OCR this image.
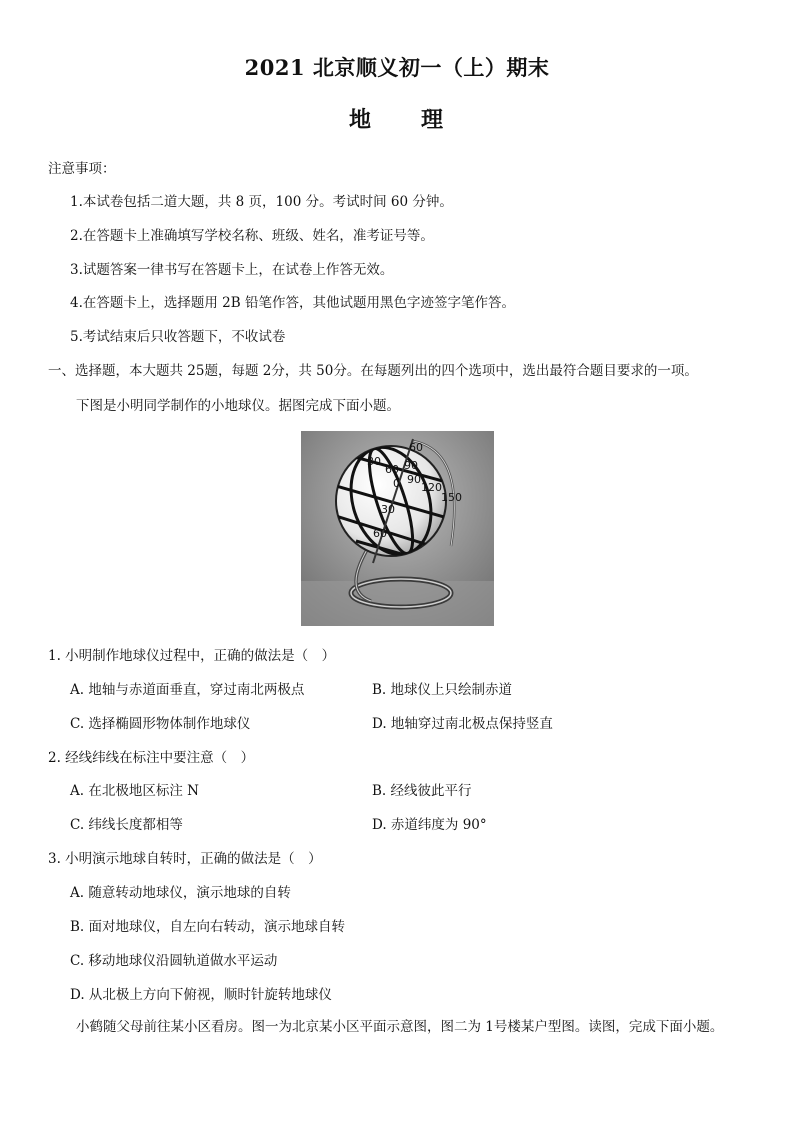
2021 北京顺义初一（上）期末
地　　理
注意事项：
1.本试卷包括二道大题，共 8 页，100 分。考试时间 60 分钟。
2.在答题卡上准确填写学校名称、班级、姓名，准考证号等。
3.试题答案一律书写在答题卡上，在试卷上作答无效。
4.在答题卡上，选择题用 2B 铅笔作答，其他试题用黑色字迹签字笔作答。
5.考试结束后只收答题下，不收试卷
一、选择题，本大题共 25题，每题 2分，共 50分。在每题列出的四个选项中，选出最符合题目要求的一项。
下图是小明同学制作的小地球仪。据图完成下面小题。
60
30
60
0
90
90
120
150
30
60
1. 小明制作地球仪过程中，正确的做法是（　）
A. 地轴与赤道面垂直，穿过南北两极点	B. 地球仪上只绘制赤道
C. 选择椭圆形物体制作地球仪	D. 地轴穿过南北极点保持竖直
2. 经线纬线在标注中要注意（　）
A. 在北极地区标注 N	B. 经线彼此平行
C. 纬线长度都相等	D. 赤道纬度为 90°
3. 小明演示地球自转时，正确的做法是（　）
A. 随意转动地球仪，演示地球的自转
B. 面对地球仪，自左向右转动，演示地球自转
C. 移动地球仪沿圆轨道做水平运动
D. 从北极上方向下俯视，顺时针旋转地球仪
小鹤随父母前往某小区看房。图一为北京某小区平面示意图，图二为 1号楼某户型图。读图，完成下面小题。
